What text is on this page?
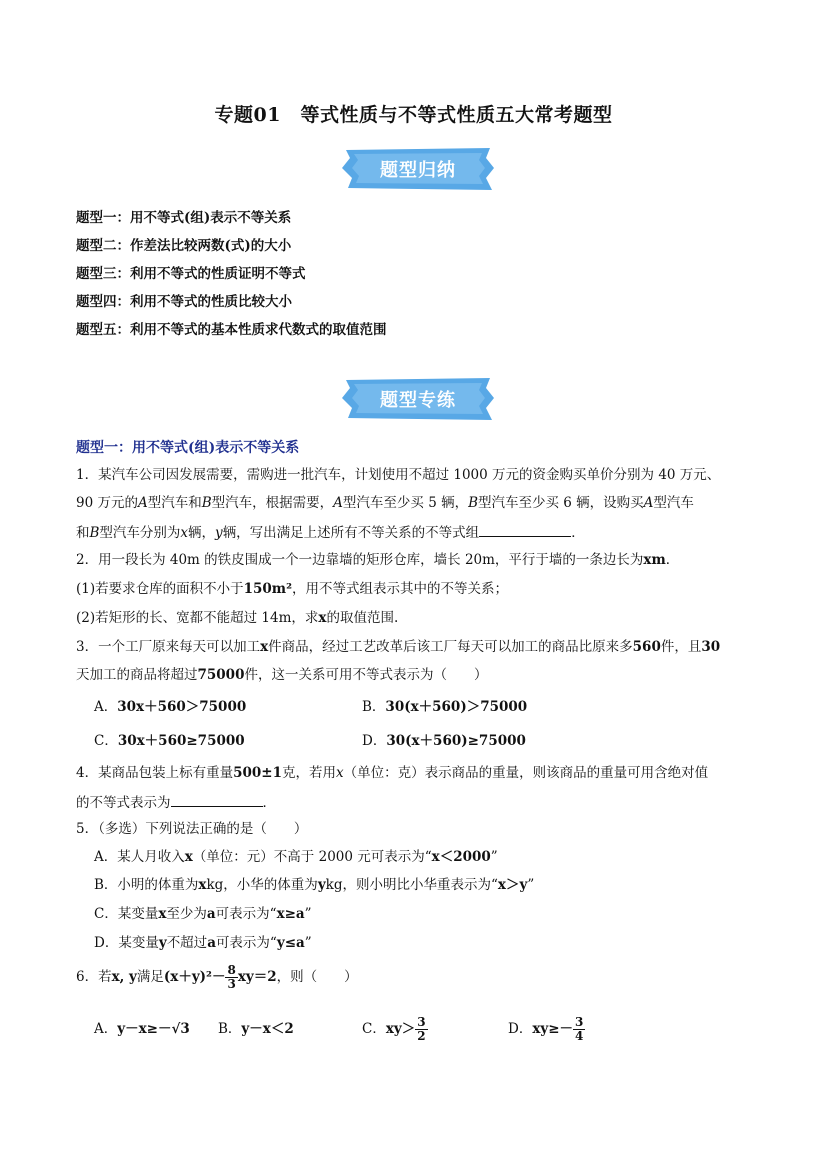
专题01　等式性质与不等式性质五大常考题型
题型归纳
题型一：用不等式(组)表示不等关系
题型二：作差法比较两数(式)的大小
题型三：利用不等式的性质证明不等式
题型四：利用不等式的性质比较大小
题型五：利用不等式的基本性质求代数式的取值范围
题型专练
题型一：用不等式(组)表示不等关系
1．某汽车公司因发展需要，需购进一批汽车，计划使用不超过 1000 万元的资金购买单价分别为 40 万元、
90 万元的A型汽车和B型汽车，根据需要，A型汽车至少买 5 辆，B型汽车至少买 6 辆，设购买A型汽车
和B型汽车分别为x辆，y辆，写出满足上述所有不等关系的不等式组	．
2．用一段长为 40m 的铁皮围成一个一边靠墙的矩形仓库，墙长 20m，平行于墙的一条边长为xm．
(1)若要求仓库的面积不小于150m²，用不等式组表示其中的不等关系；
(2)若矩形的长、宽都不能超过 14m，求x的取值范围.
3．一个工厂原来每天可以加工x件商品，经过工艺改革后该工厂每天可以加工的商品比原来多560件，且30
天加工的商品将超过75000件，这一关系可用不等式表示为（　　）
A．30x＋560＞75000	B．30(x＋560)＞75000
C．30x＋560≥75000	D．30(x＋560)≥75000
4．某商品包装上标有重量500±1克，若用x（单位：克）表示商品的重量，则该商品的重量可用含绝对值
的不等式表示为	．
5．（多选）下列说法正确的是（　　）
A．某人月收入x（单位：元）不高于 2000 元可表示为“x＜2000”
B．小明的体重为xkg，小华的体重为ykg，则小明比小华重表示为“x＞y”
C．某变量x至少为a可表示为“x≥a”
D．某变量y不超过a可表示为“y≤a”
6．若x, y满足$(x+y)^2- \frac{8}{3} xy=2$，则（　　）
A．y－x≥－√3 B．y－x＜2	C．$xy> \frac{3}{2}$	D．$xy\ge- \frac{3}{4}$
